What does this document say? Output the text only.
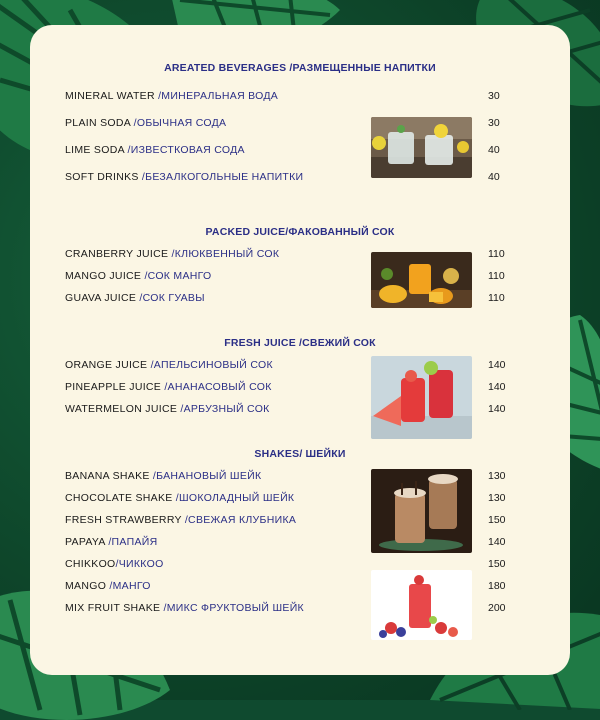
AREATED BEVERAGES /РАЗМЕЩЕННЫЕ НАПИТКИ
MINERAL WATER /МИНЕРАЛЬНАЯ ВОДА	30
PLAIN SODA /ОБЫЧНАЯ СОДА	30
LIME SODA /ИЗВЕСТКОВАЯ СОДА	40
SOFT DRINKS /БЕЗАЛКОГОЛЬНЫЕ НАПИТКИ	40
PACKED JUICE/ФАКОВАННЫЙ СОК
CRANBERRY JUICE /КЛЮКВЕННЫЙ СОК	110
MANGO JUICE /СОК МАНГО	110
GUAVA JUICE /СОК ГУАВЫ	110
FRESH JUICE /СВЕЖИЙ СОК
ORANGE JUICE /АПЕЛЬСИНОВЫЙ СОК	140
PINEAPPLE JUICE /АНАНАСОВЫЙ СОК	140
WATERMELON JUICE /АРБУЗНЫЙ СОК	140
SHAKES/ ШЕЙКИ
BANANA SHAKE /БАНАНОВЫЙ ШЕЙК	130
CHOCOLATE SHAKE /ШОКОЛАДНЫЙ ШЕЙК	130
FRESH STRAWBERRY /СВЕЖАЯ КЛУБНИКА	150
PAPAYA /ПАПАЙЯ	140
CHIKKOO/ЧИККОО	150
MANGO /МАНГО	180
MIX FRUIT SHAKE /МИКС ФРУКТОВЫЙ ШЕЙК	200
